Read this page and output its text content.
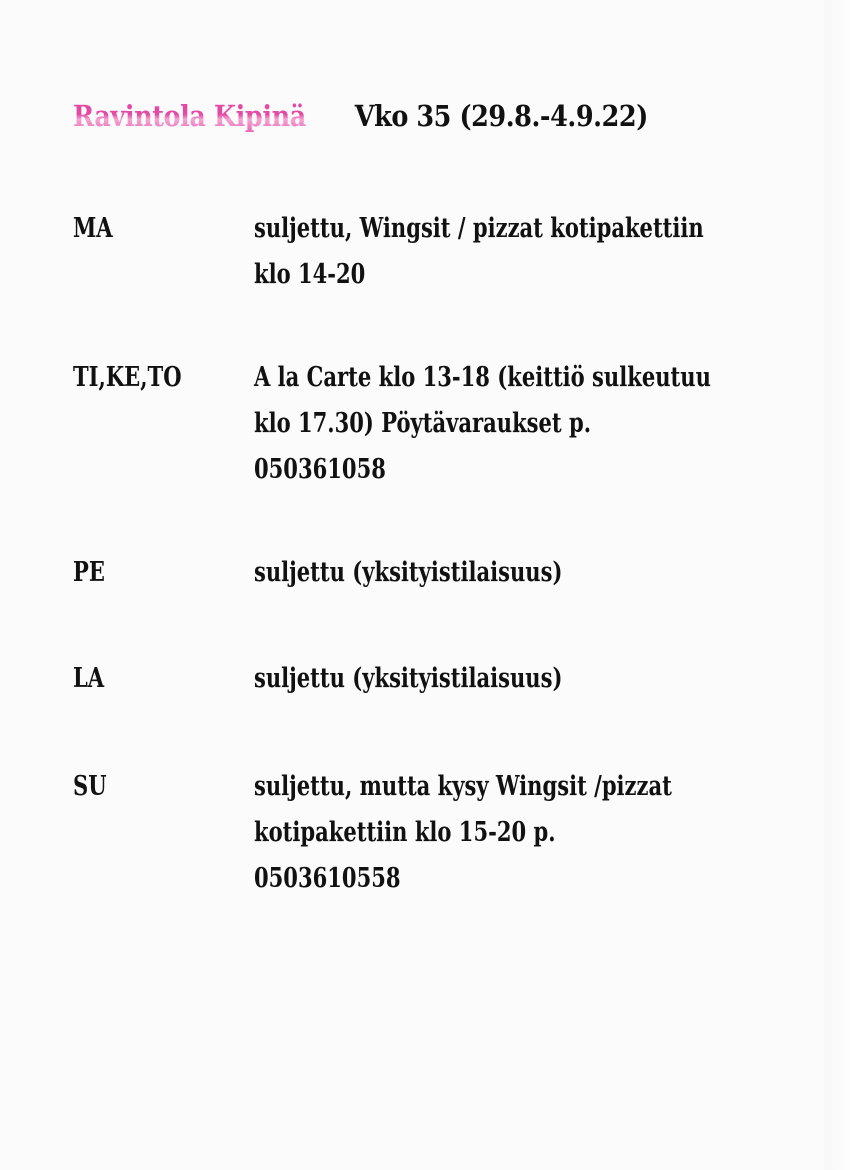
Ravintola Kipinä Vko 35 (29.8.-4.9.22)
MA	suljettu, Wingsit / pizzat kotipakettiin
klo 14-20
TI,KE,TO	A la Carte klo 13-18 (keittiö sulkeutuu
klo 17.30) Pöytävaraukset p.
050361058
PE	suljettu (yksityistilaisuus)
LA	suljettu (yksityistilaisuus)
SU	suljettu, mutta kysy Wingsit /pizzat
kotipakettiin klo 15-20 p.
0503610558
